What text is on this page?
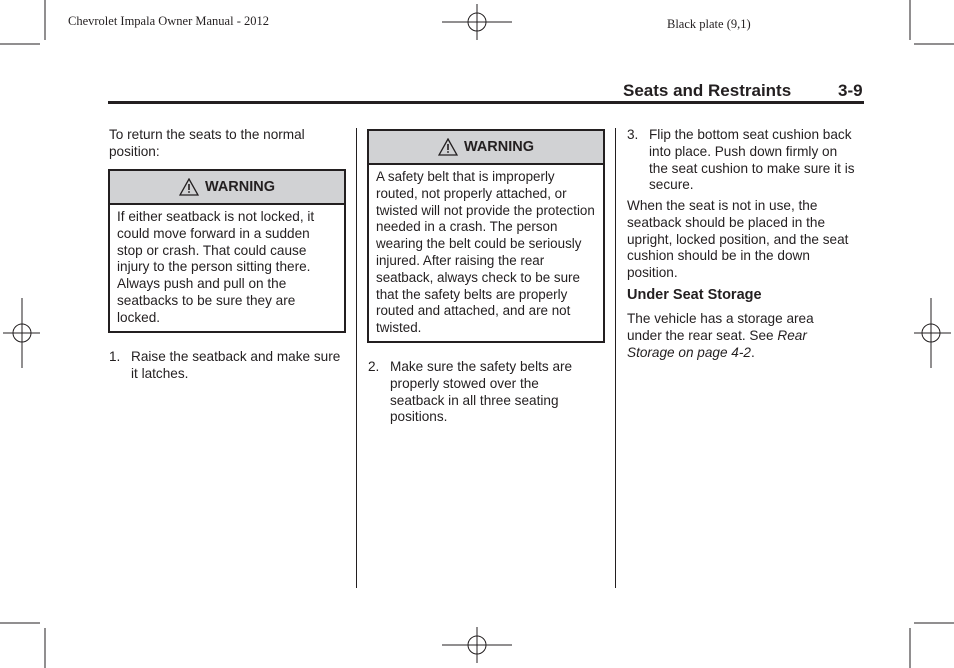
Chevrolet Impala Owner Manual - 2012	Black plate (9,1)
Seats and Restraints	3-9
To return the seats to the normal position:
WARNING
If either seatback is not locked, it could move forward in a sudden stop or crash. That could cause injury to the person sitting there. Always push and pull on the seatbacks to be sure they are locked.
1. Raise the seatback and make sure it latches.
WARNING
A safety belt that is improperly routed, not properly attached, or twisted will not provide the protection needed in a crash. The person wearing the belt could be seriously injured. After raising the rear seatback, always check to be sure that the safety belts are properly routed and attached, and are not twisted.
2. Make sure the safety belts are properly stowed over the seatback in all three seating positions.
3. Flip the bottom seat cushion back into place. Push down firmly on the seat cushion to make sure it is secure.
When the seat is not in use, the seatback should be placed in the upright, locked position, and the seat cushion should be in the down position.
Under Seat Storage
The vehicle has a storage area under the rear seat. See Rear Storage on page 4-2.
